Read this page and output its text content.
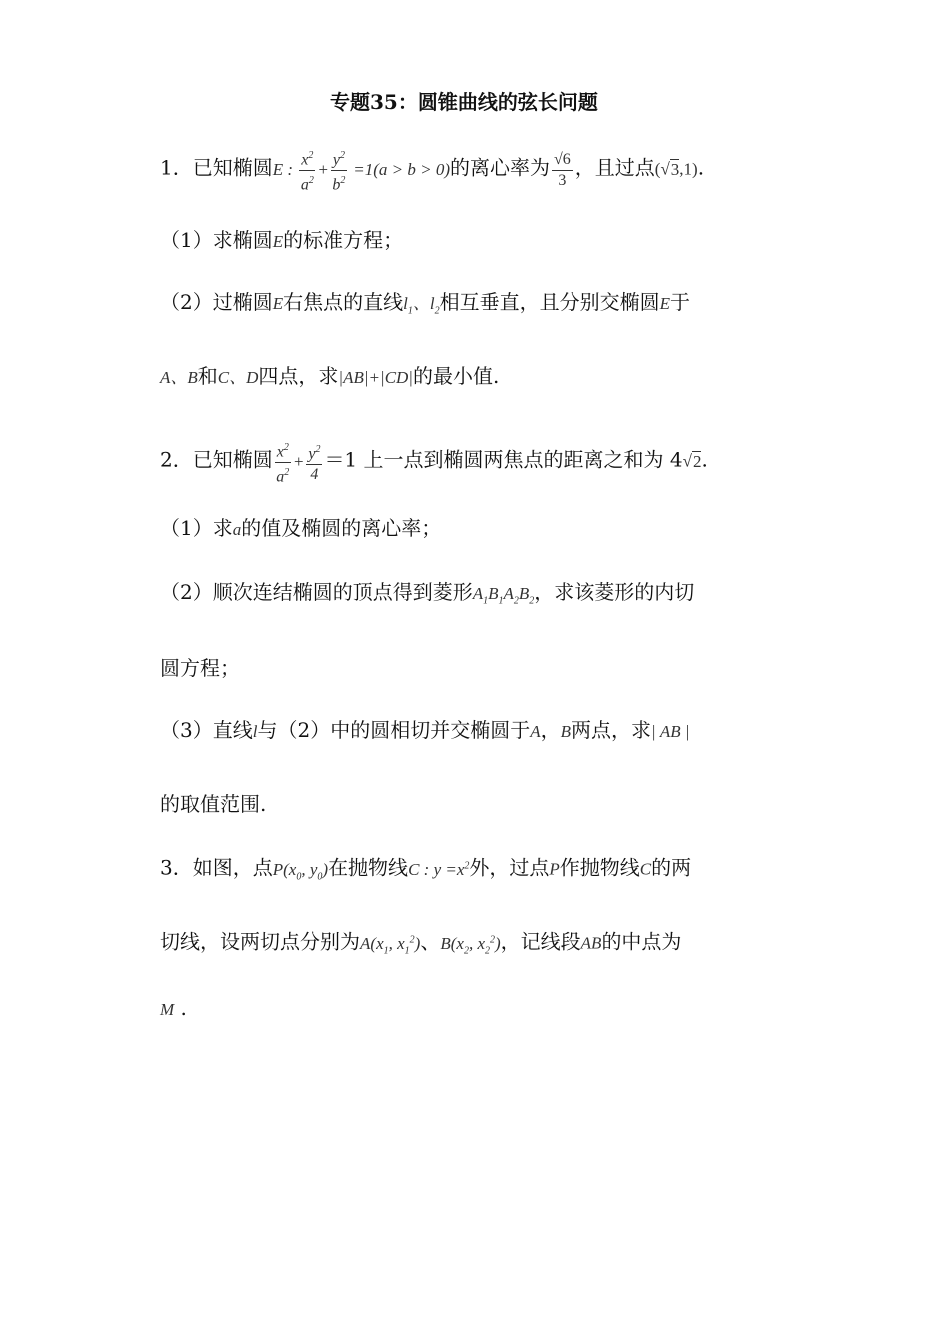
专题35：圆锥曲线的弦长问题
1．已知椭圆E : $\frac{x^2}{a^2} + \frac{y^2}{b^2} =1(a > b > 0)$的离心率为 $\frac{√6}{3}$ ，且过点(√3,1).
（1）求椭圆E的标准方程；
（2）过椭圆E右焦点的直线$l_1$、$l_2$相互垂直，且分别交椭圆E于
A、B和C、D四点，求|AB|+|CD|的最小值.
2．已知椭圆 $\frac{x^2}{a^2} + \frac{y^2}{4} =1$ 上一点到椭圆两焦点的距离之和为 4√2.
（1）求a的值及椭圆的离心率；
（2）顺次连结椭圆的顶点得到菱形$A_1B_1A_2B_2$，求该菱形的内切
圆方程；
（3）直线l与（2）中的圆相切并交椭圆于A，B两点，求| AB |
的取值范围.
3．如图，点$P(x_0$, $y_0$)在抛物线C : $y =x^2$外，过点P作抛物线C的两
切线，设两切点分别为$A(x_1$, $x_1^2$)、$B(x_2$, $x_2^2$)，记线段AB的中点为
M .
